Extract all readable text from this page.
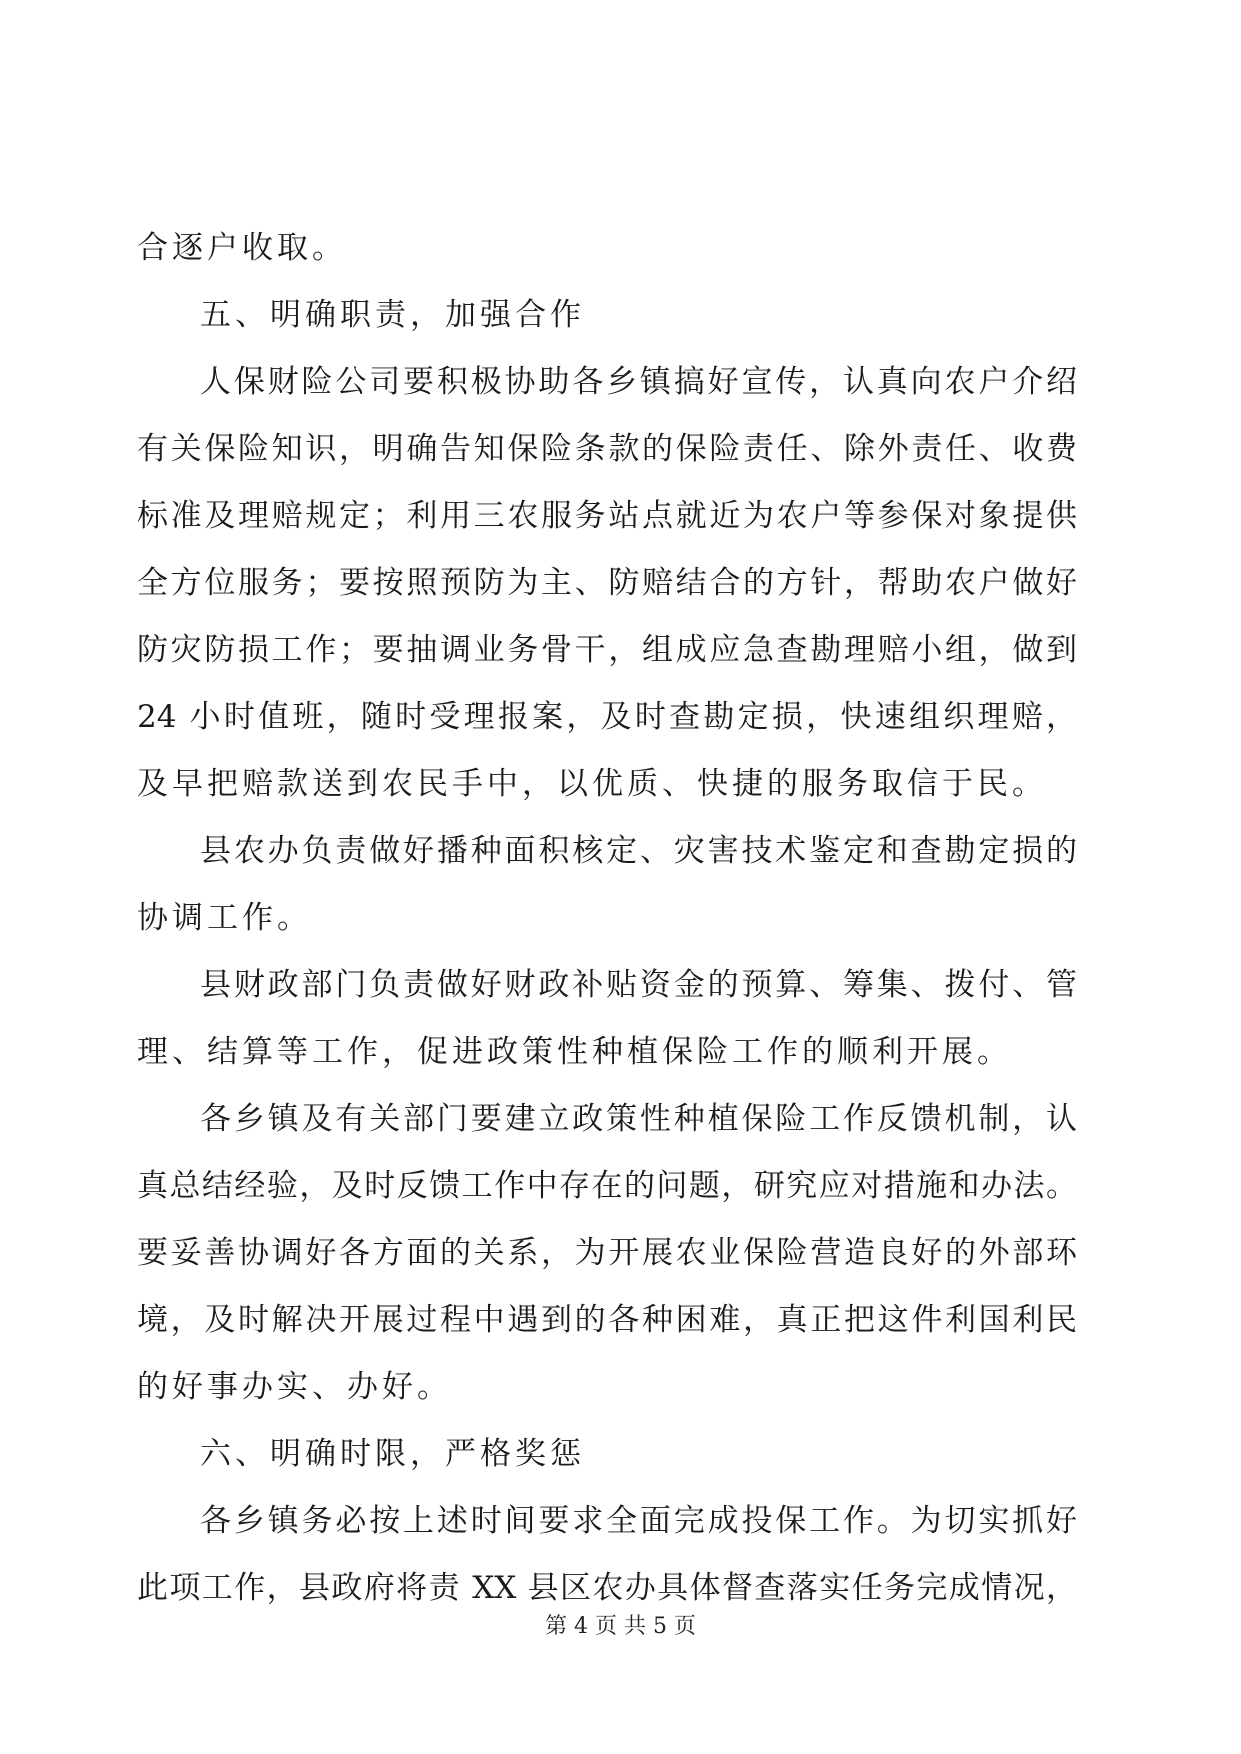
合逐户收取。
五、明确职责，加强合作
人保财险公司要积极协助各乡镇搞好宣传，认真向农户介绍
有关保险知识，明确告知保险条款的保险责任、除外责任、收费
标准及理赔规定；利用三农服务站点就近为农户等参保对象提供
全方位服务；要按照预防为主、防赔结合的方针，帮助农户做好
防灾防损工作；要抽调业务骨干，组成应急查勘理赔小组，做到
24 小时值班，随时受理报案，及时查勘定损，快速组织理赔，
及早把赔款送到农民手中，以优质、快捷的服务取信于民。
县农办负责做好播种面积核定、灾害技术鉴定和查勘定损的
协调工作。
县财政部门负责做好财政补贴资金的预算、筹集、拨付、管
理、结算等工作，促进政策性种植保险工作的顺利开展。
各乡镇及有关部门要建立政策性种植保险工作反馈机制，认
真总结经验，及时反馈工作中存在的问题，研究应对措施和办法。
要妥善协调好各方面的关系，为开展农业保险营造良好的外部环
境，及时解决开展过程中遇到的各种困难，真正把这件利国利民
的好事办实、办好。
六、明确时限，严格奖惩
各乡镇务必按上述时间要求全面完成投保工作。为切实抓好
此项工作，县政府将责 XX 县区农办具体督查落实任务完成情况，
第 4 页 共 5 页
